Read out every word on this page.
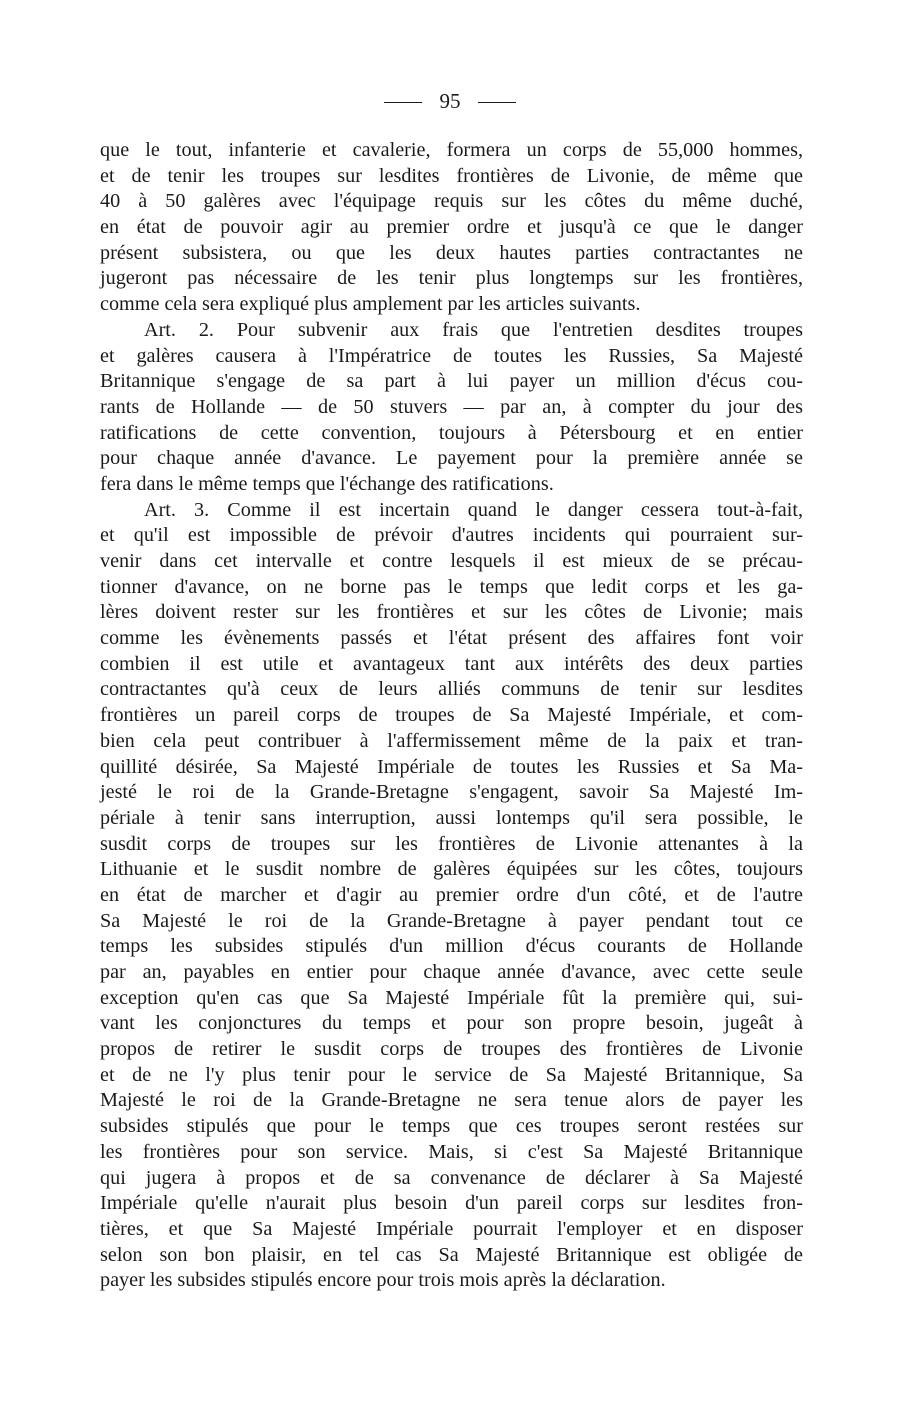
95
que le tout, infanterie et cavalerie, formera un corps de 55,000 hommes,
et de tenir les troupes sur lesdites frontières de Livonie, de même que
40 à 50 galères avec l'équipage requis sur les côtes du même duché,
en état de pouvoir agir au premier ordre et jusqu'à ce que le danger
présent subsistera, ou que les deux hautes parties contractantes ne
jugeront pas nécessaire de les tenir plus longtemps sur les frontières,
comme cela sera expliqué plus amplement par les articles suivants.
Art. 2. Pour subvenir aux frais que l'entretien desdites troupes
et galères causera à l'Impératrice de toutes les Russies, Sa Majesté
Britannique s'engage de sa part à lui payer un million d'écus cou-
rants de Hollande — de 50 stuvers — par an, à compter du jour des
ratifications de cette convention, toujours à Pétersbourg et en entier
pour chaque année d'avance. Le payement pour la première année se
fera dans le même temps que l'échange des ratifications.
Art. 3. Comme il est incertain quand le danger cessera tout-à-fait,
et qu'il est impossible de prévoir d'autres incidents qui pourraient sur-
venir dans cet intervalle et contre lesquels il est mieux de se précau-
tionner d'avance, on ne borne pas le temps que ledit corps et les ga-
lères doivent rester sur les frontières et sur les côtes de Livonie; mais
comme les évènements passés et l'état présent des affaires font voir
combien il est utile et avantageux tant aux intérêts des deux parties
contractantes qu'à ceux de leurs alliés communs de tenir sur lesdites
frontières un pareil corps de troupes de Sa Majesté Impériale, et com-
bien cela peut contribuer à l'affermissement même de la paix et tran-
quillité désirée, Sa Majesté Impériale de toutes les Russies et Sa Ma-
jesté le roi de la Grande-Bretagne s'engagent, savoir Sa Majesté Im-
périale à tenir sans interruption, aussi lontemps qu'il sera possible, le
susdit corps de troupes sur les frontières de Livonie attenantes à la
Lithuanie et le susdit nombre de galères équipées sur les côtes, toujours
en état de marcher et d'agir au premier ordre d'un côté, et de l'autre
Sa Majesté le roi de la Grande-Bretagne à payer pendant tout ce
temps les subsides stipulés d'un million d'écus courants de Hollande
par an, payables en entier pour chaque année d'avance, avec cette seule
exception qu'en cas que Sa Majesté Impériale fût la première qui, sui-
vant les conjonctures du temps et pour son propre besoin, jugeât à
propos de retirer le susdit corps de troupes des frontières de Livonie
et de ne l'y plus tenir pour le service de Sa Majesté Britannique, Sa
Majesté le roi de la Grande-Bretagne ne sera tenue alors de payer les
subsides stipulés que pour le temps que ces troupes seront restées sur
les frontières pour son service. Mais, si c'est Sa Majesté Britannique
qui jugera à propos et de sa convenance de déclarer à Sa Majesté
Impériale qu'elle n'aurait plus besoin d'un pareil corps sur lesdites fron-
tières, et que Sa Majesté Impériale pourrait l'employer et en disposer
selon son bon plaisir, en tel cas Sa Majesté Britannique est obligée de
payer les subsides stipulés encore pour trois mois après la déclaration.
